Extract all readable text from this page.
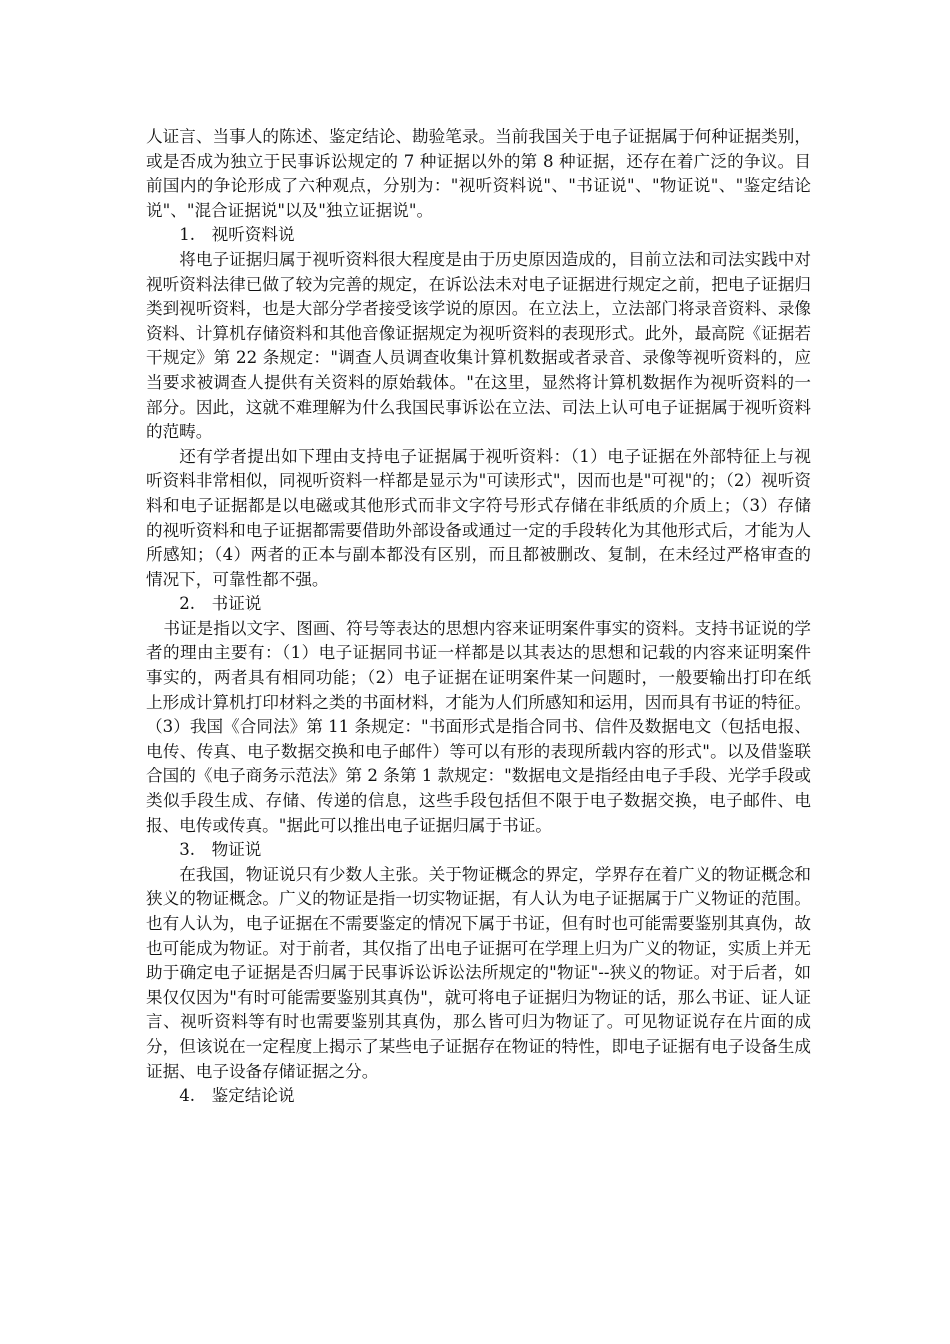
人证言、当事人的陈述、鉴定结论、勘验笔录。当前我国关于电子证据属于何种证据类别，或是否成为独立于民事诉讼规定的 7 种证据以外的第 8 种证据，还存在着广泛的争议。目前国内的争论形成了六种观点，分别为："视听资料说"、"书证说"、"物证说"、"鉴定结论说"、"混合证据说"以及"独立证据说"。

1.　视听资料说

将电子证据归属于视听资料很大程度是由于历史原因造成的，目前立法和司法实践中对视听资料法律已做了较为完善的规定，在诉讼法未对电子证据进行规定之前，把电子证据归类到视听资料，也是大部分学者接受该学说的原因。在立法上，立法部门将录音资料、录像资料、计算机存储资料和其他音像证据规定为视听资料的表现形式。此外，最高院《证据若干规定》第 22 条规定："调查人员调查收集计算机数据或者录音、录像等视听资料的，应当要求被调查人提供有关资料的原始载体。"在这里，显然将计算机数据作为视听资料的一部分。因此，这就不难理解为什么我国民事诉讼在立法、司法上认可电子证据属于视听资料的范畴。

还有学者提出如下理由支持电子证据属于视听资料：（1）电子证据在外部特征上与视听资料非常相似，同视听资料一样都是显示为"可读形式"，因而也是"可视"的；（2）视听资料和电子证据都是以电磁或其他形式而非文字符号形式存储在非纸质的介质上；（3）存储的视听资料和电子证据都需要借助外部设备或通过一定的手段转化为其他形式后，才能为人所感知；（4）两者的正本与副本都没有区别，而且都被删改、复制，在未经过严格审查的情况下，可靠性都不强。

2.　书证说

书证是指以文字、图画、符号等表达的思想内容来证明案件事实的资料。支持书证说的学者的理由主要有：（1）电子证据同书证一样都是以其表达的思想和记载的内容来证明案件事实的，两者具有相同功能；（2）电子证据在证明案件某一问题时，一般要输出打印在纸上形成计算机打印材料之类的书面材料，才能为人们所感知和运用，因而具有书证的特征。（3）我国《合同法》第 11 条规定："书面形式是指合同书、信件及数据电文（包括电报、电传、传真、电子数据交换和电子邮件）等可以有形的表现所载内容的形式"。以及借鉴联合国的《电子商务示范法》第 2 条第 1 款规定："数据电文是指经由电子手段、光学手段或类似手段生成、存储、传递的信息，这些手段包括但不限于电子数据交换，电子邮件、电报、电传或传真。"据此可以推出电子证据归属于书证。

3.　物证说

在我国，物证说只有少数人主张。关于物证概念的界定，学界存在着广义的物证概念和狭义的物证概念。广义的物证是指一切实物证据，有人认为电子证据属于广义物证的范围。也有人认为，电子证据在不需要鉴定的情况下属于书证，但有时也可能需要鉴别其真伪，故也可能成为物证。对于前者，其仅指了出电子证据可在学理上归为广义的物证，实质上并无助于确定电子证据是否归属于民事诉讼诉讼法所规定的"物证"--狭义的物证。对于后者，如果仅仅因为"有时可能需要鉴别其真伪"，就可将电子证据归为物证的话，那么书证、证人证言、视听资料等有时也需要鉴别其真伪，那么皆可归为物证了。可见物证说存在片面的成分，但该说在一定程度上揭示了某些电子证据存在物证的特性，即电子证据有电子设备生成证据、电子设备存储证据之分。

4.　鉴定结论说
